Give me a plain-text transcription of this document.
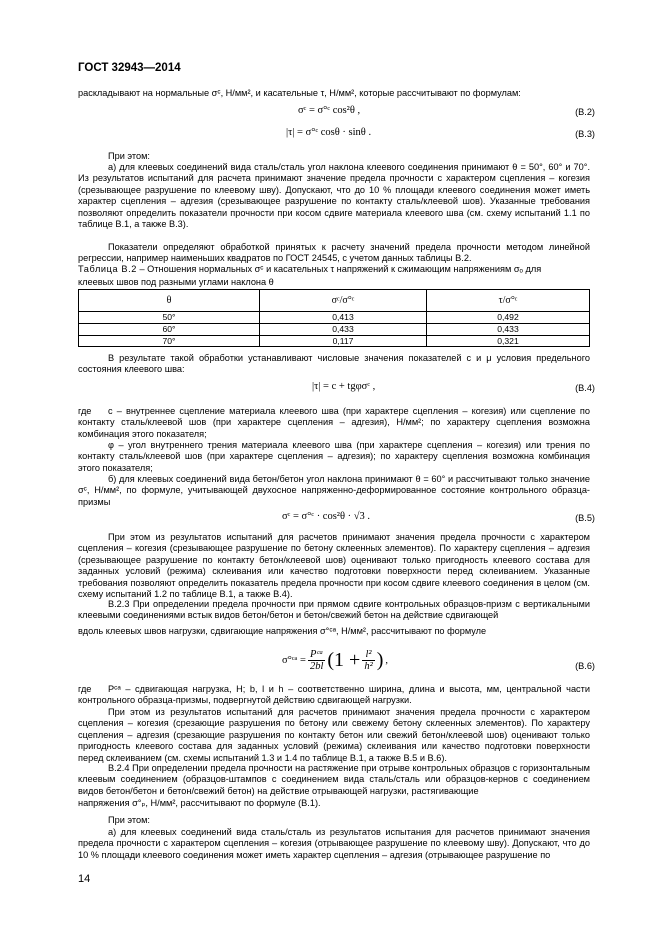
ГОСТ 32943—2014
раскладывают на нормальные σᶜ, Н/мм², и касательные τ, Н/мм², которые рассчитывают по формулам:
σᶜ = σ°ᶜ cos²θ ,	(В.2)
|τ| = σ°ᶜ cosθ · sinθ .	(В.3)
При этом:
а) для клеевых соединений вида сталь/сталь угол наклона клеевого соединения принимают θ = 50°, 60° и 70°. Из результатов испытаний для расчета принимают значение предела прочности с характером сцепления – когезия (срезывающее разрушение по клеевому шву). Допускают, что до 10 % площади клеевого соединения может иметь характер сцепления – адгезия (срезывающее разрушение по контакту сталь/клеевой шов). Указанные требования позволяют определить показатели прочности при косом сдвиге материала клеевого шва (см. схему испытаний 1.1 по таблице В.1, а также В.3).
Показатели определяют обработкой принятых к расчету значений предела прочности методом линейной регрессии, например наименьших квадратов по ГОСТ 24545, с учетом данных таблицы В.2.
Таблица В.2 – Отношения нормальных σᶜ и касательных τ напряжений к сжимающим напряжениям σₒ для
клеевых швов под разными углами наклона θ
θ	σᶜ/σ°ᶜ	τ/σ°ᶜ
50°	0,413	0,492
60°	0,433	0,433
70°	0,117	0,321
В результате такой обработки устанавливают числовые значения показателей c и μ условия предельного состояния клеевого шва:
|τ| = c + tgφσᶜ ,	(В.4)
где	c – внутреннее сцепление материала клеевого шва (при характере сцепления – когезия) или сцепление по контакту сталь/клеевой шов (при характере сцепления – адгезия), Н/мм²; по характеру сцепления возможна комбинация этого показателя;
φ – угол внутреннего трения материала клеевого шва (при характере сцепления – когезия) или трения по контакту сталь/клеевой шов (при характере сцепления – адгезия); по характеру сцепления возможна комбинация этого показателя;
б) для клеевых соединений вида бетон/бетон угол наклона принимают θ = 60° и рассчитывают только значение σᶜ, Н/мм², по формуле, учитывающей двухосное напряженно-деформированное состояние контрольного образца-призмы
σᶜ = σ°ᶜ · cos²θ · √3 .	(В.5)
При этом из результатов испытаний для расчетов принимают значения предела прочности с характером сцепления – когезия (срезывающее разрушение по бетону склеенных элементов). По характеру сцепления – адгезия (срезывающее разрушение по контакту бетон/клеевой шов) оценивают только пригодность клеевого состава для заданных условий (режима) склеивания или качество подготовки поверхности перед склеиванием. Указанные требования позволяют определить показатель предела прочности при косом сдвиге клеевого соединения в целом (см. схему испытаний 1.2 по таблице В.1, а также В.4).
В.2.3 При определении предела прочности при прямом сдвиге контрольных образцов-призм с вертикальными клеевыми соединениями встык видов бетон/бетон и бетон/свежий бетон на действие сдвигающей
вдоль клеевых швов нагрузки, сдвигающие напряжения σ°ᶜᵃ, Н/мм², рассчитывают по формуле
σ°ᶜᵃ = $\frac{\text{Pᶜᵃ}}{2bl} (1 + \frac{\text{l²}}{\text{h²}}$ ) ,	(В.6)
где	Pᶜᵃ – сдвигающая нагрузка, Н; b, l и h – соответственно ширина, длина и высота, мм, центральной части контрольного образца-призмы, подвергнутой действию сдвигающей нагрузки.
При этом из результатов испытаний для расчетов принимают значения предела прочности с характером сцепления – когезия (срезающие разрушения по бетону или свежему бетону склеенных элементов). По характеру сцепления – адгезия (срезающие разрушения по контакту бетон или свежий бетон/клеевой шов) оценивают только пригодность клеевого состава для заданных условий (режима) склеивания или качество подготовки поверхности перед склеиванием (см. схемы испытаний 1.3 и 1.4 по таблице В.1, а также В.5 и В.6).
В.2.4 При определении предела прочности на растяжение при отрыве контрольных образцов с горизонтальным клеевым соединением (образцов-штампов с соединением вида сталь/сталь или образцов-кернов с соединением видов бетон/бетон и бетон/свежий бетон) на действие отрывающей нагрузки, растягивающие
напряжения σ°ₚ, Н/мм², рассчитывают по формуле (В.1).
При этом:
а) для клеевых соединений вида сталь/сталь из результатов испытания для расчетов принимают значения предела прочности с характером сцепления – когезия (отрывающее разрушение по клеевому шву). Допускают, что до 10 % площади клеевого соединения может иметь характер сцепления – адгезия (отрывающее разрушение по
14
